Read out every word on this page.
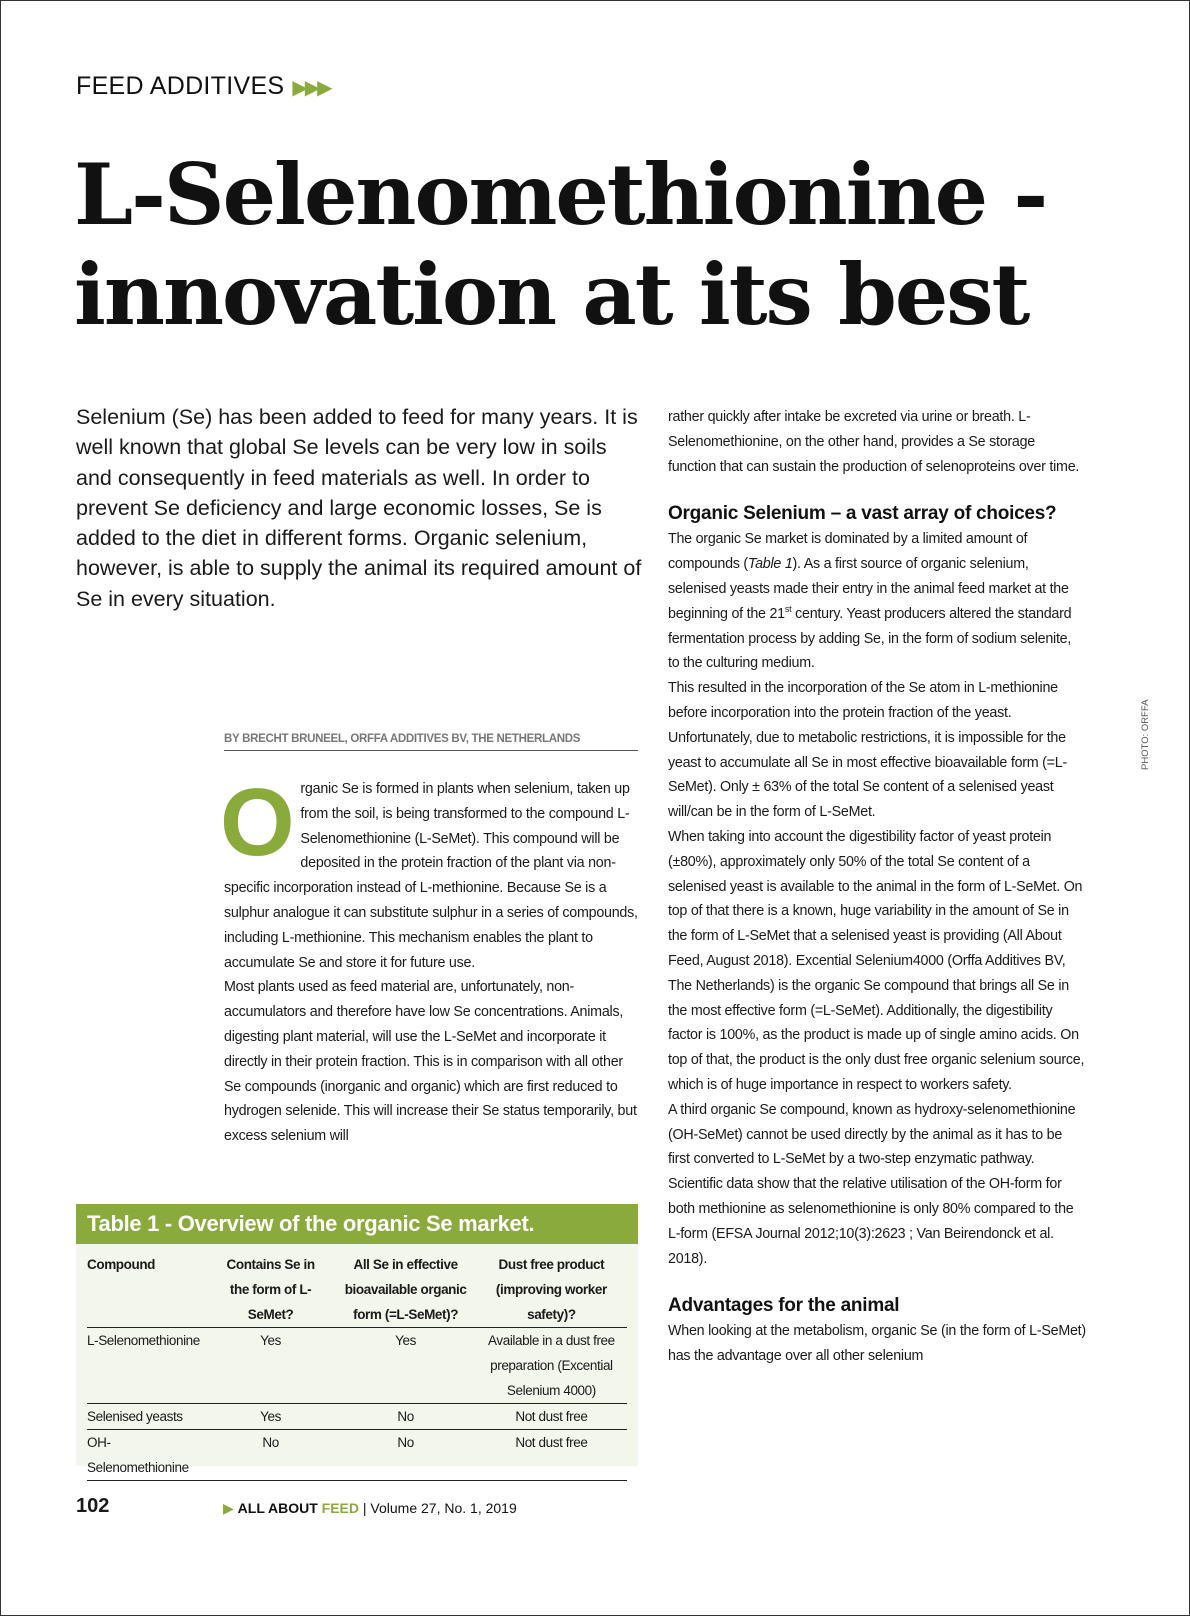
FEED ADDITIVES ▶▶▶
L-Selenomethionine - innovation at its best

Selenium (Se) has been added to feed for many years. It is well known that global Se levels can be very low in soils and consequently in feed materials as well. In order to prevent Se deficiency and large economic losses, Se is added to the diet in different forms. Organic selenium, however, is able to supply the animal its required amount of Se in every situation.

BY BRECHT BRUNEEL, ORFFA ADDITIVES BV, THE NETHERLANDS

Organic Se is formed in plants when selenium, taken up from the soil, is being transformed to the compound L-Selenomethionine (L-SeMet). This compound will be deposited in the protein fraction of the plant via non-specific incorporation instead of L-methionine. Because Se is a sulphur analogue it can substitute sulphur in a series of compounds, including L-methionine. This mechanism enables the plant to accumulate Se and store it for future use.

Most plants used as feed material are, unfortunately, non-accumulators and therefore have low Se concentrations. Animals, digesting plant material, will use the L-SeMet and incorporate it directly in their protein fraction. This is in comparison with all other Se compounds (inorganic and organic) which are first reduced to hydrogen selenide. This will increase their Se status temporarily, but excess selenium will

rather quickly after intake be excreted via urine or breath. L-Selenomethionine, on the other hand, provides a Se storage function that can sustain the production of selenoproteins over time.

Organic Selenium – a vast array of choices?

The organic Se market is dominated by a limited amount of compounds (Table 1). As a first source of organic selenium, selenised yeasts made their entry in the animal feed market at the beginning of the 21st century. Yeast producers altered the standard fermentation process by adding Se, in the form of sodium selenite, to the culturing medium.

This resulted in the incorporation of the Se atom in L-methionine before incorporation into the protein fraction of the yeast. Unfortunately, due to metabolic restrictions, it is impossible for the yeast to accumulate all Se in most effective bioavailable form (=L-SeMet). Only ± 63% of the total Se content of a selenised yeast will/can be in the form of L-SeMet.

When taking into account the digestibility factor of yeast protein (±80%), approximately only 50% of the total Se content of a selenised yeast is available to the animal in the form of L-SeMet. On top of that there is a known, huge variability in the amount of Se in the form of L-SeMet that a selenised yeast is providing (All About Feed, August 2018). Excential Selenium4000 (Orffa Additives BV, The Netherlands) is the organic Se compound that brings all Se in the most effective form (=L-SeMet). Additionally, the digestibility factor is 100%, as the product is made up of single amino acids. On top of that, the product is the only dust free organic selenium source, which is of huge importance in respect to workers safety.

A third organic Se compound, known as hydroxy-selenomethionine (OH-SeMet) cannot be used directly by the animal as it has to be first converted to L-SeMet by a two-step enzymatic pathway. Scientific data show that the relative utilisation of the OH-form for both methionine as selenomethionine is only 80% compared to the L-form (EFSA Journal 2012;10(3):2623 ; Van Beirendonck et al. 2018).

Advantages for the animal

When looking at the metabolism, organic Se (in the form of L-SeMet) has the advantage over all other selenium

Table 1 - Overview of the organic Se market.
Compound	Contains Se in the form of L-SeMet?	All Se in effective bioavailable organic form (=L-SeMet)?	Dust free product (improving worker safety)?
L-Selenomethionine	Yes	Yes	Available in a dust free preparation (Excential Selenium 4000)
Selenised yeasts	Yes	No	Not dust free
OH-Selenomethionine	No	No	Not dust free
102	▶ ALL ABOUT FEED | Volume 27, No. 1, 2019
PHOTO: ORFFA
